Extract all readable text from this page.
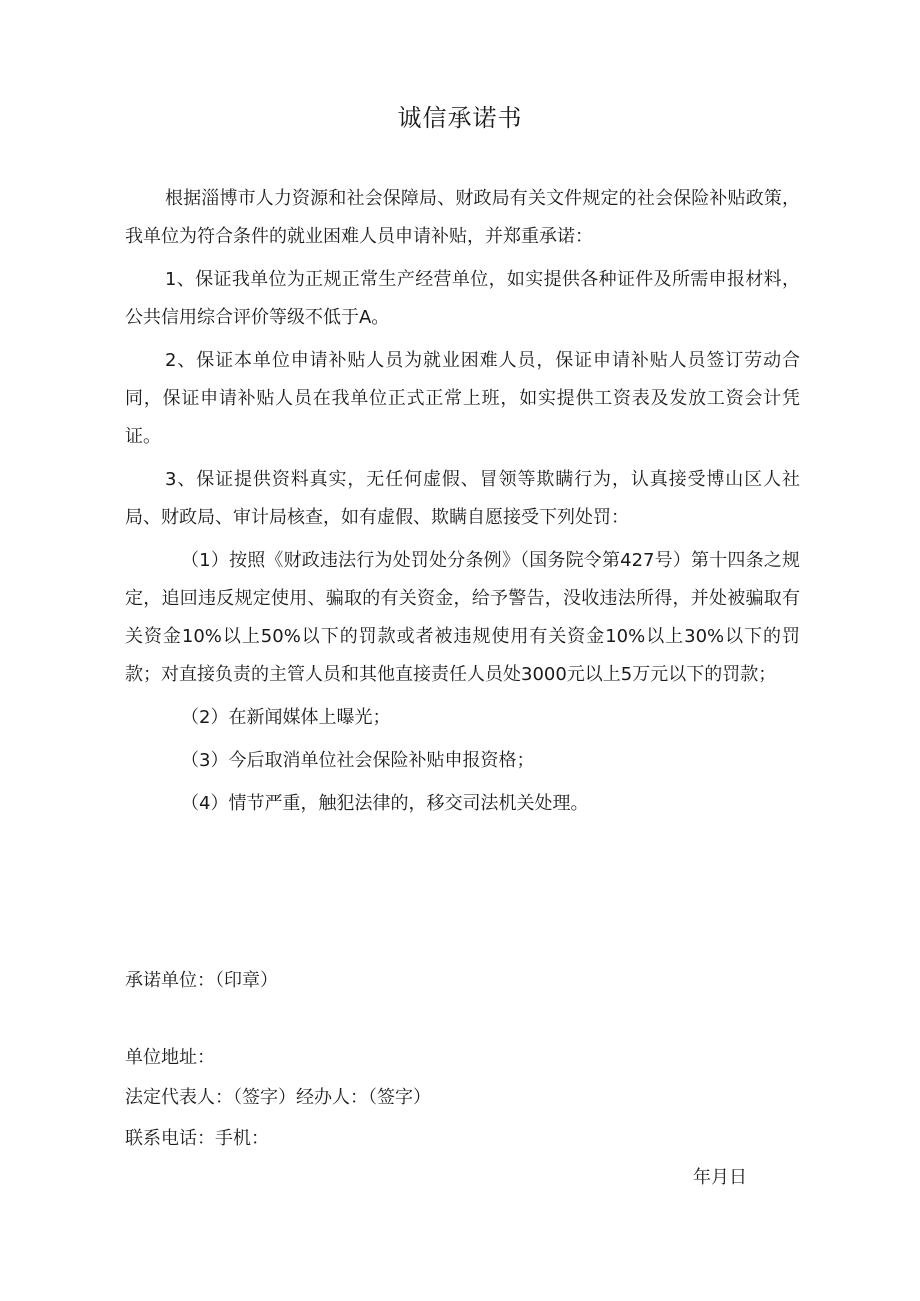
诚信承诺书

根据淄博市人力资源和社会保障局、财政局有关文件规定的社会保险补贴政策，我单位为符合条件的就业困难人员申请补贴，并郑重承诺：

1、保证我单位为正规正常生产经营单位，如实提供各种证件及所需申报材料，公共信用综合评价等级不低于A。

2、保证本单位申请补贴人员为就业困难人员，保证申请补贴人员签订劳动合同，保证申请补贴人员在我单位正式正常上班，如实提供工资表及发放工资会计凭证。

3、保证提供资料真实，无任何虚假、冒领等欺瞒行为，认真接受博山区人社局、财政局、审计局核查，如有虚假、欺瞒自愿接受下列处罚：

（1）按照《财政违法行为处罚处分条例》（国务院令第427号）第十四条之规定，追回违反规定使用、骗取的有关资金，给予警告，没收违法所得，并处被骗取有关资金10%以上50%以下的罚款或者被违规使用有关资金10%以上30%以下的罚款；对直接负责的主管人员和其他直接责任人员处3000元以上5万元以下的罚款；

（2）在新闻媒体上曝光；

（3）今后取消单位社会保险补贴申报资格；

（4）情节严重，触犯法律的，移交司法机关处理。

承诺单位：（印章）
单位地址：
法定代表人：（签字）经办人：（签字）
联系电话：手机：
年月日
